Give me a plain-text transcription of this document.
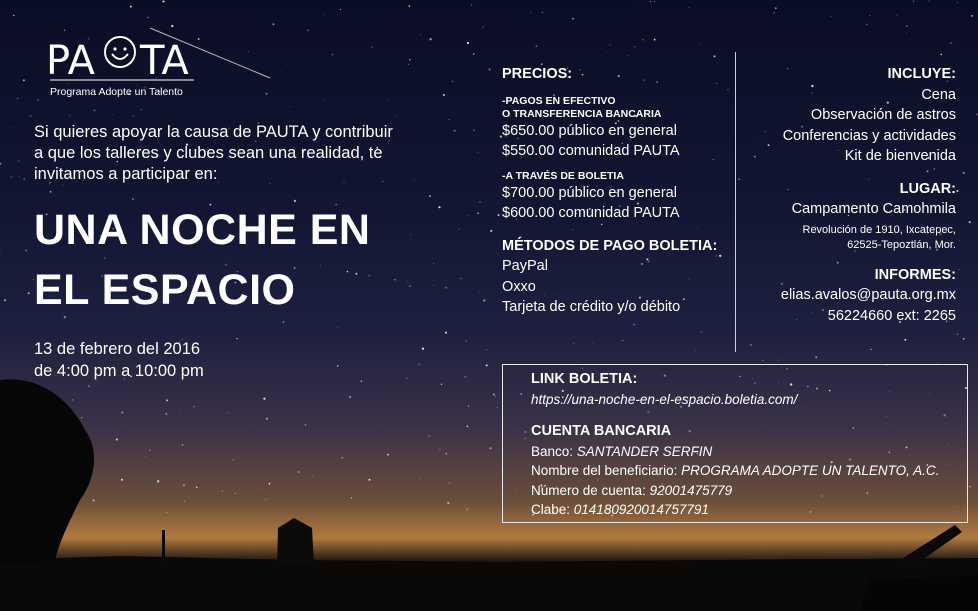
PA TA
Programa Adopte un Talento
Si quieres apoyar la causa de PAUTA y contribuir a que los talleres y clubes sean una realidad, te invitamos a participar en:
UNA NOCHE EN
EL ESPACIO
13 de febrero del 2016
de 4:00 pm a 10:00 pm
PRECIOS:
-PAGOS EN EFECTIVO
O TRANSFERENCIA BANCARIA
$650.00 público en general
$550.00 comunidad PAUTA
-A TRAVÉS DE BOLETIA
$700.00 público en general
$600.00 comunidad PAUTA
MÉTODOS DE PAGO BOLETIA:
PayPal
Oxxo
Tarjeta de crédito y/o débito
INCLUYE:
Cena
Observación de astros
Conferencias y actividades
Kit de bienvenida
LUGAR:
Campamento Camohmila
Revolución de 1910, Ixcatepec,
62525-Tepoztlán, Mor.
INFORMES:
elias.avalos@pauta.org.mx
56224660 ext: 2265
LINK BOLETIA:
https://una-noche-en-el-espacio.boletia.com/
CUENTA BANCARIA
Banco: SANTANDER SERFIN
Nombre del beneficiario: PROGRAMA ADOPTE UN TALENTO, A.C.
Número de cuenta: 92001475779
Clabe: 014180920014757791
